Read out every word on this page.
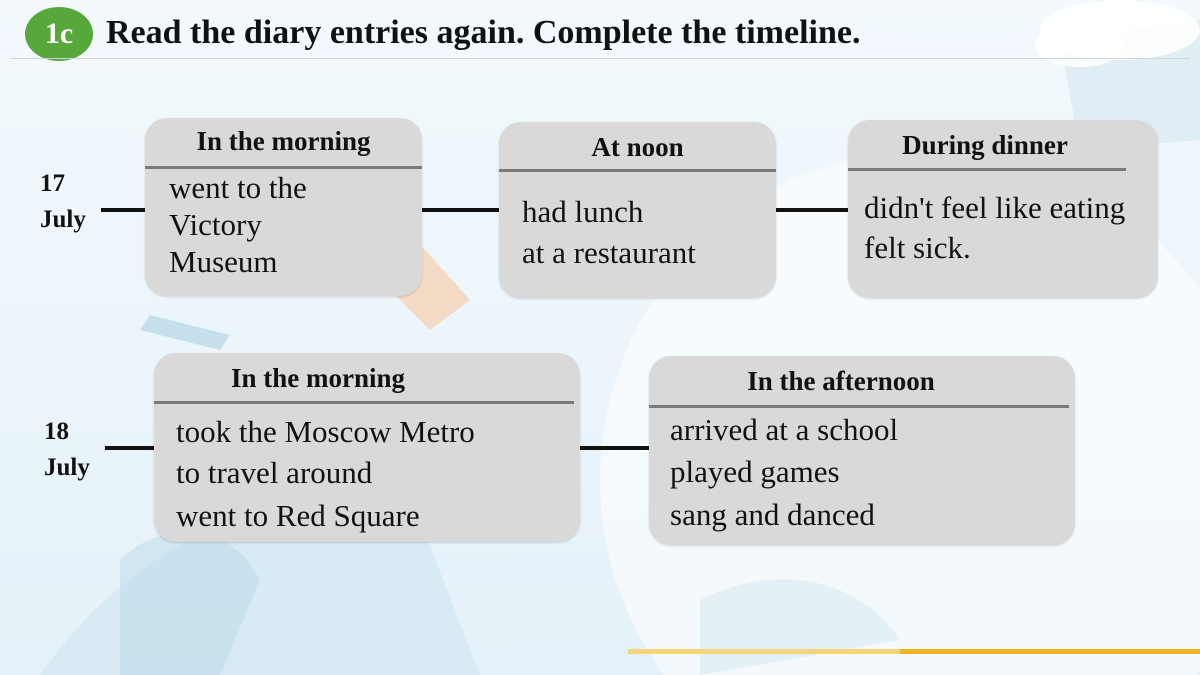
1c Read the diary entries again. Complete the timeline.
17
July
In the morning
went to the
Victory
Museum
At noon
had lunch
at a restaurant
During dinner
didn't feel like eating
felt sick.
18
July
In the morning
took the Moscow Metro
to travel around
went to Red Square
In the afternoon
arrived at a school
played games
sang and danced
